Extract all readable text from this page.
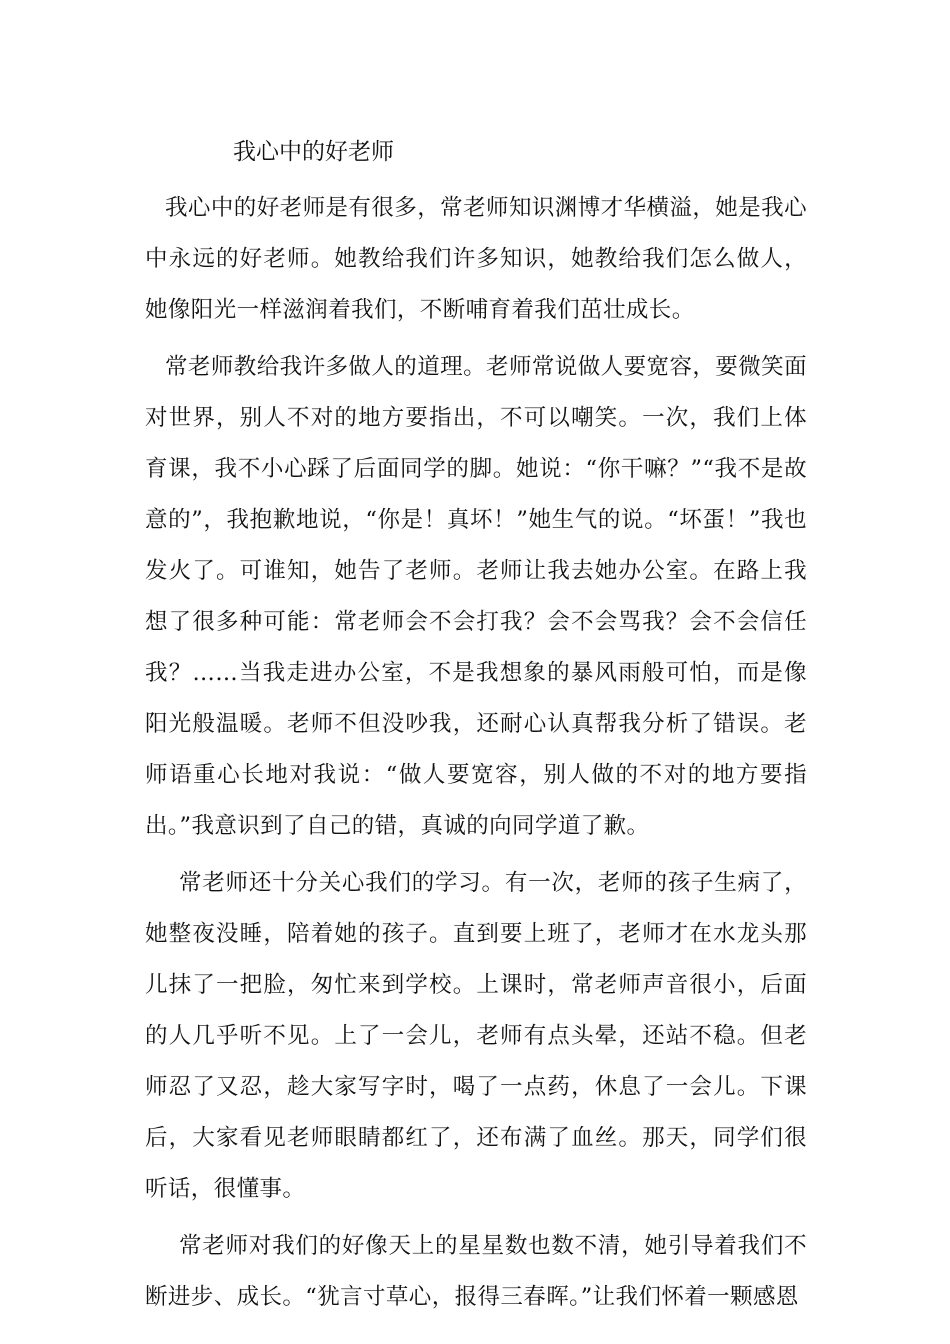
我心中的好老师

我心中的好老师是有很多，常老师知识渊博才华横溢，她是我心中永远的好老师。她教给我们许多知识，她教给我们怎么做人，她像阳光一样滋润着我们，不断哺育着我们茁壮成长。

常老师教给我许多做人的道理。老师常说做人要宽容，要微笑面对世界，别人不对的地方要指出，不可以嘲笑。一次，我们上体育课，我不小心踩了后面同学的脚。她说：“你干嘛？”“我不是故意的”，我抱歉地说，“你是！真坏！”她生气的说。“坏蛋！”我也发火了。可谁知，她告了老师。老师让我去她办公室。在路上我想了很多种可能：常老师会不会打我？会不会骂我？会不会信任我？……当我走进办公室，不是我想象的暴风雨般可怕，而是像阳光般温暖。老师不但没吵我，还耐心认真帮我分析了错误。老师语重心长地对我说：“做人要宽容，别人做的不对的地方要指出。”我意识到了自己的错，真诚的向同学道了歉。

常老师还十分关心我们的学习。有一次，老师的孩子生病了，她整夜没睡，陪着她的孩子。直到要上班了，老师才在水龙头那儿抹了一把脸，匆忙来到学校。上课时，常老师声音很小，后面的人几乎听不见。上了一会儿，老师有点头晕，还站不稳。但老师忍了又忍，趁大家写字时，喝了一点药，休息了一会儿。下课后，大家看见老师眼睛都红了，还布满了血丝。那天，同学们很听话，很懂事。

常老师对我们的好像天上的星星数也数不清，她引导着我们不断进步、成长。“犹言寸草心，报得三春晖。”让我们怀着一颗感恩
